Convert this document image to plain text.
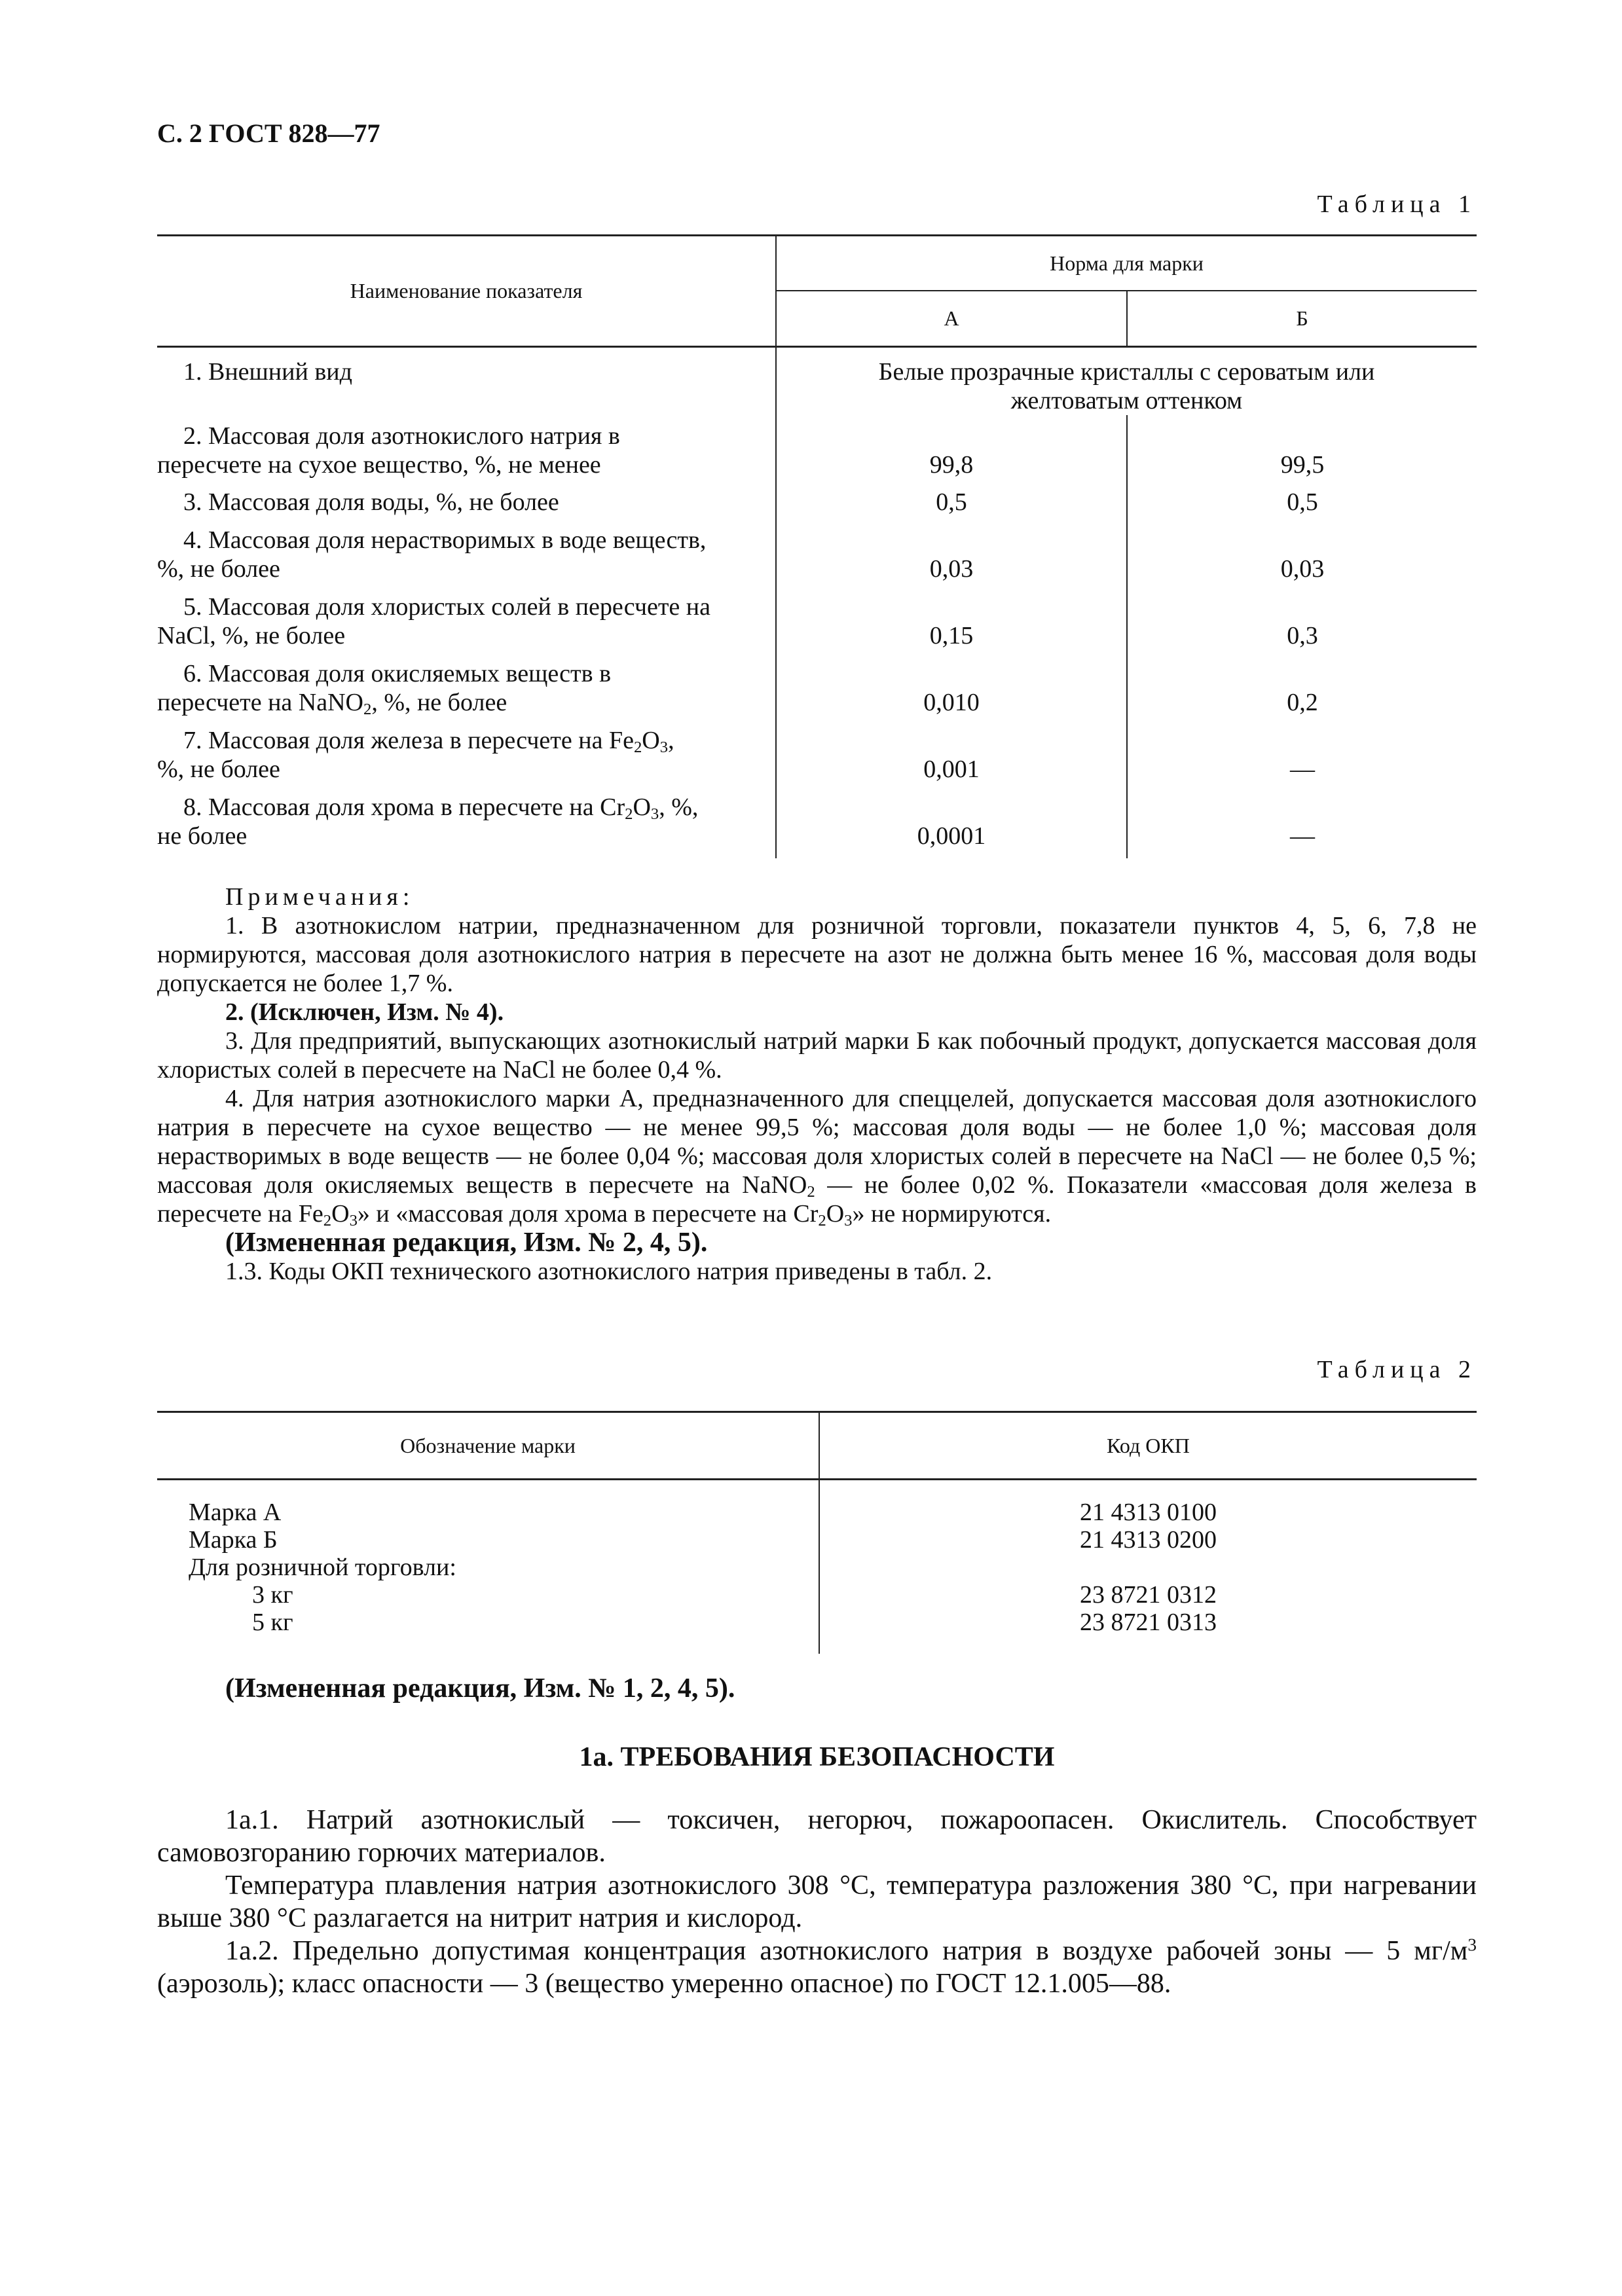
С. 2 ГОСТ 828—77
Таблица 1
Наименование показателя
Норма для марки
А	Б
1. Внешний вид	Белые прозрачные кристаллы с сероватым или
желтоватым оттенком
2. Массовая доля азотнокислого натрия в
пересчете на сухое вещество, %, не менее	99,8	99,5
3. Массовая доля воды, %, не более	0,5	0,5
4. Массовая доля нерастворимых в воде веществ,
%, не более	0,03	0,03
5. Массовая доля хлористых солей в пересчете на
NaCl, %, не более	0,15	0,3
6. Массовая доля окисляемых веществ в
пересчете на NaNO$_2$, %, не более	0,010	0,2
7. Массовая доля железа в пересчете на $Fe_2O_3$,
%, не более	0,001	—
8. Массовая доля хрома в пересчете на $Cr_2O_3$, %,
не более	0,0001	—

Примечания:

1. В азотнокислом натрии, предназначенном для розничной торговли, показатели пунктов 4, 5, 6, 7,8 не нормируются, массовая доля азотнокислого натрия в пересчете на азот не должна быть менее 16 %, массовая доля воды допускается не более 1,7 %.

2. (Исключен, Изм. № 4).

3. Для предприятий, выпускающих азотнокислый натрий марки Б как побочный продукт, допускается массовая доля хлористых солей в пересчете на NaCl не более 0,4 %.

4. Для натрия азотнокислого марки А, предназначенного для спеццелей, допускается массовая доля азотнокислого натрия в пересчете на сухое вещество — не менее 99,5 %; массовая доля воды — не более 1,0 %; массовая доля нерастворимых в воде веществ — не более 0,04 %; массовая доля хлористых солей в пересчете на NaCl — не более 0,5 %; массовая доля окисляемых веществ в пересчете на NaNO$_2$ — не более 0,02 %. Показатели «массовая доля железа в пересчете на $Fe_2O_3$» и «массовая доля хрома в пересчете на $Cr_2O_3$» не нормируются.

(Измененная редакция, Изм. № 2, 4, 5).

1.3. Коды ОКП технического азотнокислого натрия приведены в табл. 2.

Таблица 2
Обозначение марки	Код ОКП
Марка А	21 4313 0100
Марка Б	21 4313 0200
Для розничной торговли:
3 кг	23 8721 0312
5 кг	23 8721 0313
(Измененная редакция, Изм. № 1, 2, 4, 5).
1а. ТРЕБОВАНИЯ БЕЗОПАСНОСТИ

1а.1. Натрий азотнокислый — токсичен, негорюч, пожароопасен. Окислитель. Способствует самовозгоранию горючих материалов.

Температура плавления натрия азотнокислого 308 °С, температура разложения 380 °С, при нагревании выше 380 °С разлагается на нитрит натрия и кислород.

1а.2. Предельно допустимая концентрация азотнокислого натрия в воздухе рабочей зоны — 5 $мг/м^3$ (аэрозоль); класс опасности — 3 (вещество умеренно опасное) по ГОСТ 12.1.005—88.
